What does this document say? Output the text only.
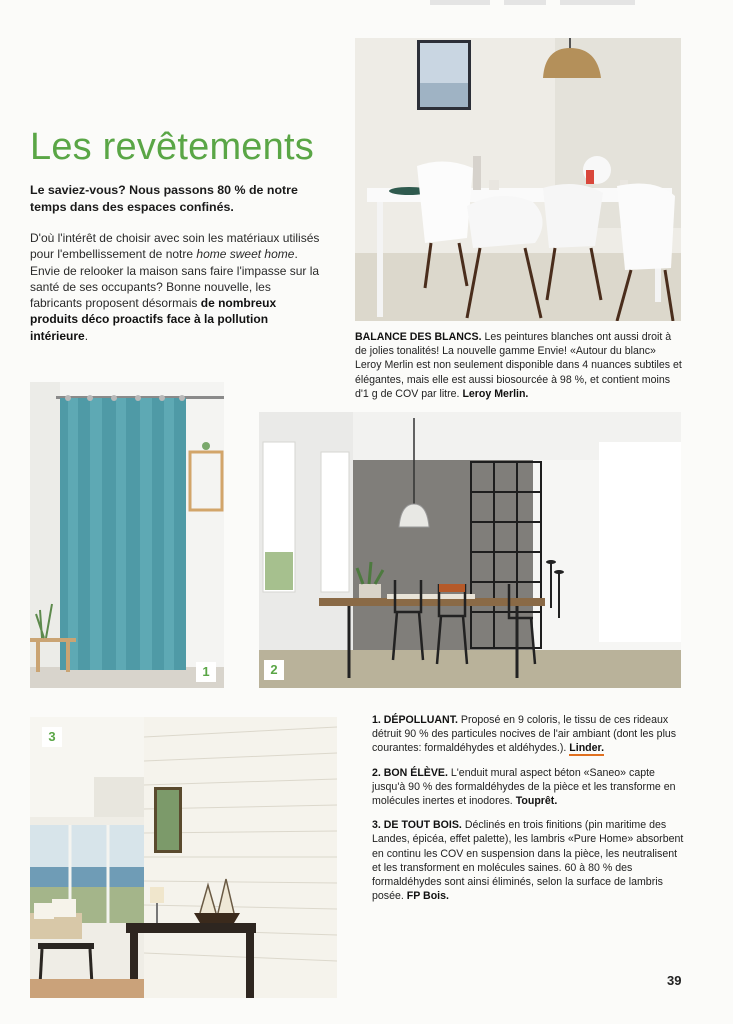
Les revêtements
Le saviez-vous? Nous passons 80 % de notre temps dans des espaces confinés.
D'où l'intérêt de choisir avec soin les matériaux utilisés pour l'embellissement de notre home sweet home. Envie de relooker la maison sans faire l'impasse sur la santé de ses occupants? Bonne nouvelle, les fabricants proposent désormais de nombreux produits déco proactifs face à la pollution intérieure.	BALANCE DES BLANCS. Les peintures blanches ont aussi droit à de jolies tonalités! La nouvelle gamme Envie! «Autour du blanc» Leroy Merlin est non seulement disponible dans 4 nuances subtiles et élégantes, mais elle est aussi biosourcée à 98 %, et contient moins d'1 g de COV par litre. Leroy Merlin.
1	2
3

1. DÉPOLLUANT. Proposé en 9 coloris, le tissu de ces rideaux détruit 90 % des particules nocives de l'air ambiant (dont les plus courantes: formaldéhydes et aldéhydes.). Linder.

2. BON ÉLÈVE. L'enduit mural aspect béton «Saneo» capte jusqu'à 90 % des formaldéhydes de la pièce et les transforme en molécules inertes et inodores. Touprêt.

3. DE TOUT BOIS. Déclinés en trois finitions (pin maritime des Landes, épicéa, effet palette), les lambris «Pure Home» absorbent en continu les COV en suspension dans la pièce, les neutralisent et les transforment en molécules saines. 60 à 80 % des formaldéhydes sont ainsi éliminés, selon la surface de lambris posée. FP Bois.

39
